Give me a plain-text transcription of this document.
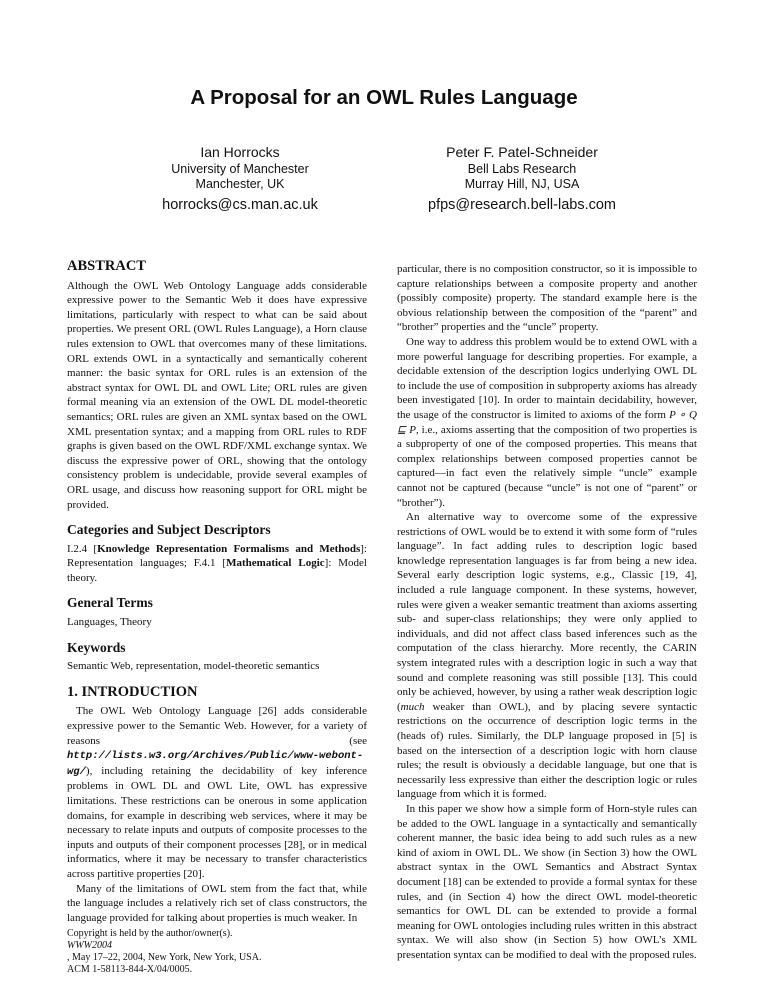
A Proposal for an OWL Rules Language
Ian Horrocks
University of Manchester
Manchester, UK
horrocks@cs.man.ac.uk
Peter F. Patel-Schneider
Bell Labs Research
Murray Hill, NJ, USA
pfps@research.bell-labs.com
ABSTRACT

Although the OWL Web Ontology Language adds considerable expressive power to the Semantic Web it does have expressive limitations, particularly with respect to what can be said about properties. We present ORL (OWL Rules Language), a Horn clause rules extension to OWL that overcomes many of these limitations. ORL extends OWL in a syntactically and semantically coherent manner: the basic syntax for ORL rules is an extension of the abstract syntax for OWL DL and OWL Lite; ORL rules are given formal meaning via an extension of the OWL DL model-theoretic semantics; ORL rules are given an XML syntax based on the OWL XML presentation syntax; and a mapping from ORL rules to RDF graphs is given based on the OWL RDF/XML exchange syntax. We discuss the expressive power of ORL, showing that the ontology consistency problem is undecidable, provide several examples of ORL usage, and discuss how reasoning support for ORL might be provided.

Categories and Subject Descriptors

I.2.4 [Knowledge Representation Formalisms and Methods]: Representation languages; F.4.1 [Mathematical Logic]: Model theory.

General Terms

Languages, Theory

Keywords

Semantic Web, representation, model-theoretic semantics

1. INTRODUCTION

The OWL Web Ontology Language [26] adds considerable expressive power to the Semantic Web. However, for a variety of reasons (see http://lists.w3.org/Archives/Public/www-webont-wg/), including retaining the decidability of key inference problems in OWL DL and OWL Lite, OWL has expressive limitations. These restrictions can be onerous in some application domains, for example in describing web services, where it may be necessary to relate inputs and outputs of composite processes to the inputs and outputs of their component processes [28], or in medical informatics, where it may be necessary to transfer characteristics across partitive properties [20].

Many of the limitations of OWL stem from the fact that, while the language includes a relatively rich set of class constructors, the language provided for talking about properties is much weaker. In

Copyright is held by the author/owner(s).
WWW2004
, May 17–22, 2004, New York, New York, USA.
ACM 1-58113-844-X/04/0005.

particular, there is no composition constructor, so it is impossible to capture relationships between a composite property and another (possibly composite) property. The standard example here is the obvious relationship between the composition of the “parent” and “brother” properties and the “uncle” property.

One way to address this problem would be to extend OWL with a more powerful language for describing properties. For example, a decidable extension of the description logics underlying OWL DL to include the use of composition in subproperty axioms has already been investigated [10]. In order to maintain decidability, however, the usage of the constructor is limited to axioms of the form P ∘ Q ⊑ P, i.e., axioms asserting that the composition of two properties is a subproperty of one of the composed properties. This means that complex relationships between composed properties cannot be captured—in fact even the relatively simple “uncle” example cannot not be captured (because “uncle” is not one of “parent” or “brother”).

An alternative way to overcome some of the expressive restrictions of OWL would be to extend it with some form of “rules language”. In fact adding rules to description logic based knowledge representation languages is far from being a new idea. Several early description logic systems, e.g., Classic [19, 4], included a rule language component. In these systems, however, rules were given a weaker semantic treatment than axioms asserting sub- and super-class relationships; they were only applied to individuals, and did not affect class based inferences such as the computation of the class hierarchy. More recently, the CARIN system integrated rules with a description logic in such a way that sound and complete reasoning was still possible [13]. This could only be achieved, however, by using a rather weak description logic (much weaker than OWL), and by placing severe syntactic restrictions on the occurrence of description logic terms in the (heads of) rules. Similarly, the DLP language proposed in [5] is based on the intersection of a description logic with horn clause rules; the result is obviously a decidable language, but one that is necessarily less expressive than either the description logic or rules language from which it is formed.

In this paper we show how a simple form of Horn-style rules can be added to the OWL language in a syntactically and semantically coherent manner, the basic idea being to add such rules as a new kind of axiom in OWL DL. We show (in Section 3) how the OWL abstract syntax in the OWL Semantics and Abstract Syntax document [18] can be extended to provide a formal syntax for these rules, and (in Section 4) how the direct OWL model-theoretic semantics for OWL DL can be extended to provide a formal meaning for OWL ontologies including rules written in this abstract syntax. We will also show (in Section 5) how OWL’s XML presentation syntax can be modified to deal with the proposed rules.
